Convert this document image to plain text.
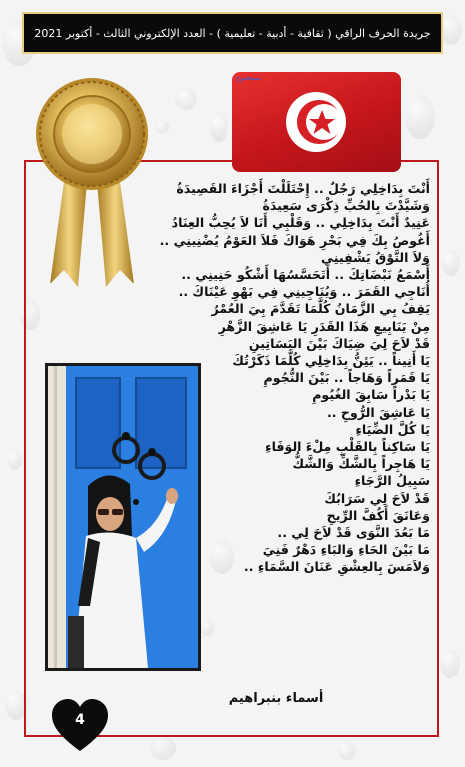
جريدة الحرف الراقي ( ثقافية - أدبية - تعليمية ) - العدد الإلكتروني الثالث - أكتوبر 2021
سمحنوح
أَنْتَ بِدَاخِلِي رَجُلٌ .. إِحْتَلَلْتَ أَجْزَاءَ القَصِيدَةُ
وَشَيَّدْتَ بِالحُبِّ ذِكْرَى سَعِيدَةُ
عَنِيدٌ أَنْتَ بِدَاخِلِي .. وَقَلْبِي أَنَا لاَ يُحِبُّ العِنَادُ
أَغُوصُ بِكَ فِي بَحْرِ هَوَاكَ فَلاَ العَوْمُ يُضْنِينِي ..
وَلاَ التَّوْقُ يَشْفِينِي
أَسْمَعُ نَبْضَاتِكَ .. أَتَحَسَّسُهَا أَشْكُو حَنِينِي ..
أُنَاجِي القَمَرَ .. وَيُنَاجِينِي فِي بَهْوِ عَيْنَاكَ ..
يَقِفُ بِي الزَّمَانُ كُلَّمَا تَقَدَّمَ بِيَ العُمْرُ
مِنْ يَنَابِيعِ هَذَا القَدَرِ يَا عَاشِقَ الزَّهْرِ
قَدْ لاَحَ لِيَ ضِيَاكَ بَيْنَ البَسَاتِينِ
يَا أَنِيناً .. يَئِنُّ بِدَاخِلِي كُلَّمَا ذَكَرْتُكَ
يَا قَمَراً وَهَاجاً .. بَيْنَ النُّجُومِ
يَا بَدْراً سَابِقَ الغُيُومِ
يَا عَاشِقَ الرُّوحِ ..
يَا كُلَّ الضِّيَاءِ
يَا سَاكِناً بِالقَلْبِ مِلْءَ الوَفَاءِ
يَا هَاجِراً بِالشَّكِّ وَالشَّكُّ
سَبِيلُ الرَّجَاءِ
قَدْ لاَحَ لِي سَرَابُكَ
وَعَانَقَ أَكُفَّ الرِّيحِ
مَا بَعُدَ النَّوَى قَدْ لاَحَ لِي ..
مَا بَيْنَ الحَاءِ وَالبَاءِ دَهْرٌ فَنِيَ
وَلاَمَسَ بِالعِشْقِ عَنَانَ السَّمَاءِ ..
أسماء بنبراهيم
4
